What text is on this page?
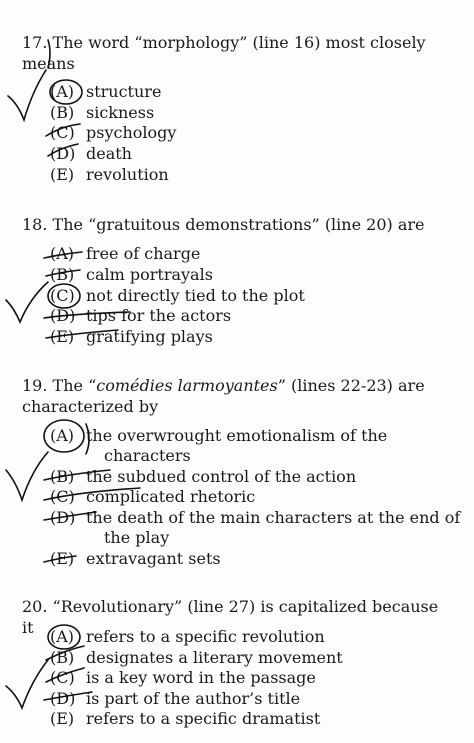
17. The word “morphology” (line 16) most closely means

(A) structure
(B) sickness
(C) psychology
(D) death
(E) revolution

18. The “gratuitous demonstrations” (line 20) are

(A) free of charge
(B) calm portrayals
(C) not directly tied to the plot
(D) tips for the actors
(E) gratifying plays

19. The “comédies larmoyantes” (lines 22-23) are characterized by

(A) the overwrought emotionalism of the
characters
(B) the subdued control of the action
(C) complicated rhetoric
(D) the death of the main characters at the end of
the play
(E) extravagant sets

20. “Revolutionary” (line 27) is capitalized because it	(A) refers to a specific revolution
(B) designates a literary movement
(C) is a key word in the passage
(D) is part of the author’s title
(E) refers to a specific dramatist
